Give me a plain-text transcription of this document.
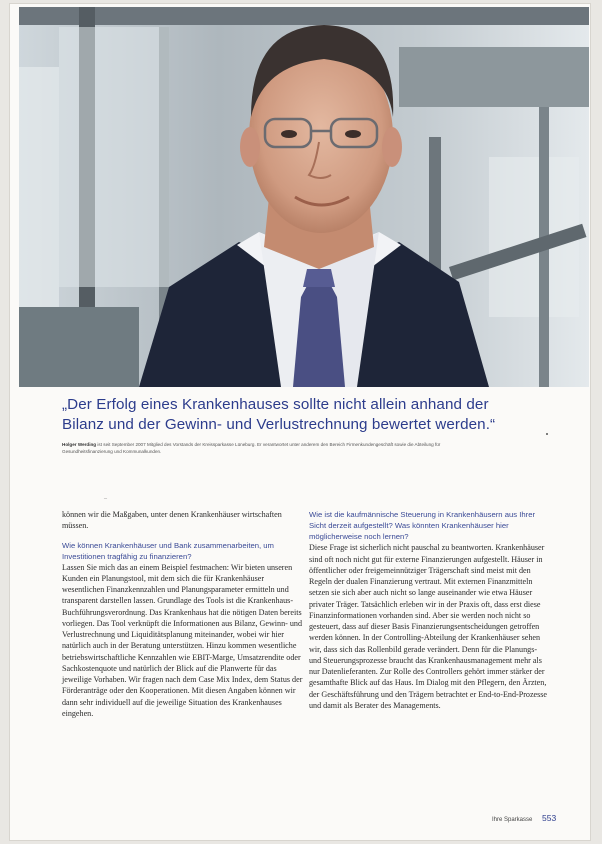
„Der Erfolg eines Krankenhauses sollte nicht allein anhand der
Bilanz und der Gewinn- und Verlustrechnung bewertet werden.“
Holger Werding ist seit September 2007 Mitglied des Vorstands der Kreissparkasse Lüneburg. Er verantwortet unter anderem den Bereich Firmenkundengeschäft sowie die Abteilung für Gesundheitsfinanzierung und Kommunalkunden.
–

können wir die Maßgaben, unter denen Krankenhäuser wirtschaften müssen.

Wie können Krankenhäuser und Bank zusammenarbeiten, um Investitionen tragfähig zu finanzieren?

Lassen Sie mich das an einem Beispiel festmachen: Wir bieten unseren Kunden ein Planungstool, mit dem sich die für Krankenhäuser wesentlichen Finanzkennzahlen und Planungsparameter ermitteln und transparent darstellen lassen. Grundlage des Tools ist die Krankenhaus-Buchführungsverordnung. Das Krankenhaus hat die nötigen Daten bereits vorliegen. Das Tool verknüpft die Informationen aus Bilanz, Gewinn- und Verlustrechnung und Liquiditätsplanung miteinander, wobei wir hier natürlich auch in der Beratung unterstützen. Hinzu kommen wesentliche betriebswirtschaftliche Kennzahlen wie EBIT-Marge, Umsatzrendite oder Sachkostenquote und natürlich der Blick auf die Planwerte für das jeweilige Vorhaben. Wir fragen nach dem Case Mix Index, dem Status der Förderanträge oder den Kooperationen. Mit diesen Angaben können wir dann sehr individuell auf die jeweilige Situation des Krankenhauses eingehen.

Wie ist die kaufmännische Steuerung in Krankenhäusern aus Ihrer Sicht derzeit aufgestellt? Was könnten Krankenhäuser hier möglicherweise noch lernen?

Diese Frage ist sicherlich nicht pauschal zu beantworten. Krankenhäuser sind oft noch nicht gut für externe Finanzierungen aufgestellt. Häuser in öffentlicher oder freigemeinnütziger Trägerschaft sind meist mit den Regeln der dualen Finanzierung vertraut. Mit externen Finanzmitteln setzen sie sich aber auch nicht so lange auseinander wie etwa Häuser privater Träger. Tatsächlich erleben wir in der Praxis oft, dass erst diese Finanzinformationen vorhanden sind. Aber sie werden noch nicht so gesteuert, dass auf dieser Basis Finanzierungsentscheidungen getroffen werden können. In der Controlling-Abteilung der Krankenhäuser sehen wir, dass sich das Rollenbild gerade verändert. Denn für die Planungs- und Steuerungsprozesse braucht das Krankenhausmanagement mehr als nur Datenlieferanten. Zur Rolle des Controllers gehört immer stärker der gesamthafte Blick auf das Haus. Im Dialog mit den Pflegern, den Ärzten, der Geschäftsführung und den Trägern betrachtet er End-to-End-Prozesse und damit als Berater des Managements.

Ihre Sparkasse 553
